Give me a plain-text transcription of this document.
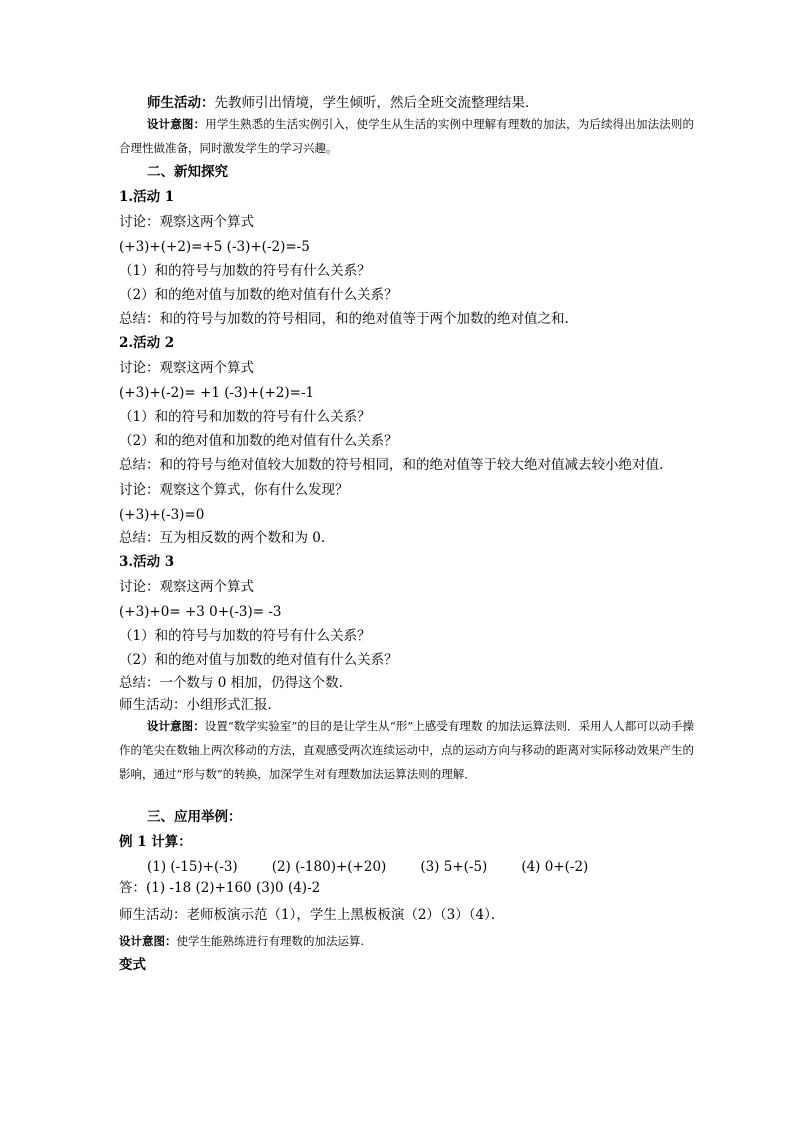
师生活动：先教师引出情境，学生倾听，然后全班交流整理结果．
设计意图：用学生熟悉的生活实例引入，使学生从生活的实例中理解有理数的加法，为后续得出加法法则的合理性做准备，同时激发学生的学习兴趣。
二、新知探究
1.活动 1
讨论：观察这两个算式
(+3)+(+2)=+5 (-3)+(-2)=-5
（1）和的符号与加数的符号有什么关系？
（2）和的绝对值与加数的绝对值有什么关系？
总结：和的符号与加数的符号相同，和的绝对值等于两个加数的绝对值之和.
2.活动 2
讨论：观察这两个算式
(+3)+(-2)= +1 (-3)+(+2)=-1
（1）和的符号和加数的符号有什么关系？
（2）和的绝对值和加数的绝对值有什么关系？
总结：和的符号与绝对值较大加数的符号相同，和的绝对值等于较大绝对值减去较小绝对值.
讨论：观察这个算式，你有什么发现？
(+3)+(-3)=0
总结：互为相反数的两个数和为 0.
3.活动 3
讨论：观察这两个算式
(+3)+0= +3 0+(-3)= -3
（1）和的符号与加数的符号有什么关系？
（2）和的绝对值与加数的绝对值有什么关系？
总结：一个数与 0 相加，仍得这个数.
师生活动：小组形式汇报．
设计意图：设置“数学实验室”的目的是让学生从“形”上感受有理数 的加法运算法则．采用人人都可以动手操作的笔尖在数轴上两次移动的方法，直观感受两次连续运动中，点的运动方向与移动的距离对实际移动效果产生的影响，通过“形与数”的转换，加深学生对有理数加法运算法则的理解．
三、应用举例：
例 1 计算：
(1) (-15)+(-3)	(2) (-180)+(+20)	(3) 5+(-5)	(4) 0+(-2)
答：(1) -18 (2)+160 (3)0 (4)-2
师生活动：老师板演示范（1），学生上黑板板演（2）（3）（4）．
设计意图：使学生能熟练进行有理数的加法运算.
变式
